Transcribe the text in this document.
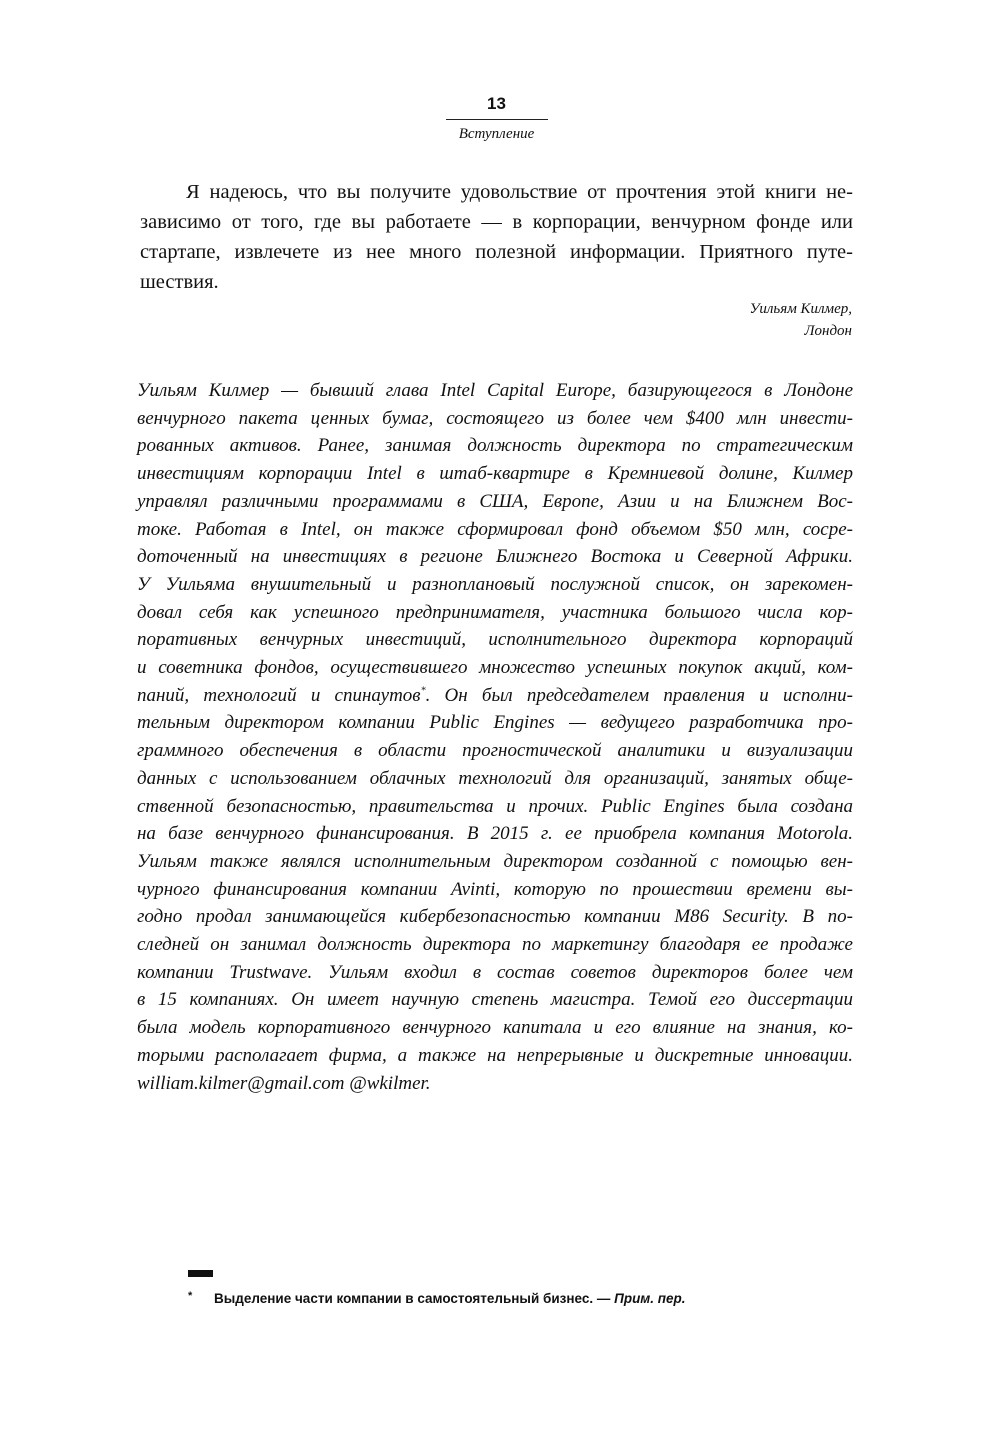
13
Вступление

Я надеюсь, что вы получите удовольствие от прочтения этой книги не-
зависимо от того, где вы работаете — в корпорации, венчурном фонде или
стартапе, извлечете из нее много полезной информации. Приятного путе-
шествия.

Уильям Килмер,
Лондон

Уильям Килмер — бывший глава Intel Capital Europe, базирующегося в Лондоне
венчурного пакета ценных бумаг, состоящего из более чем $400 млн инвести-
рованных активов. Ранее, занимая должность директора по стратегическим
инвестициям корпорации Intel в штаб-квартире в Кремниевой долине, Килмер
управлял различными программами в США, Европе, Азии и на Ближнем Вос-
токе. Работая в Intel, он также сформировал фонд объемом $50 млн, сосре-
доточенный на инвестициях в регионе Ближнего Востока и Северной Африки.
У Уильяма внушительный и разноплановый послужной список, он зарекомен-
довал себя как успешного предпринимателя, участника большого числа кор-
поративных венчурных инвестиций, исполнительного директора корпораций
и советника фондов, осуществившего множество успешных покупок акций, ком-
паний, технологий и спинаутов*. Он был председателем правления и исполни-
тельным директором компании Public Engines — ведущего разработчика про-
граммного обеспечения в области прогностической аналитики и визуализации
данных с использованием облачных технологий для организаций, занятых обще-
ственной безопасностью, правительства и прочих. Public Engines была создана
на базе венчурного финансирования. В 2015 г. ее приобрела компания Motorola.
Уильям также являлся исполнительным директором созданной с помощью вен-
чурного финансирования компании Avinti, которую по прошествии времени вы-
годно продал занимающейся кибербезопасностью компании M86 Security. В по-
следней он занимал должность директора по маркетингу благодаря ее продаже
компании Trustwave. Уильям входил в состав советов директоров более чем
в 15 компаниях. Он имеет научную степень магистра. Темой его диссертации
была модель корпоративного венчурного капитала и его влияние на знания, ко-
торыми располагает фирма, а также на непрерывные и дискретные инновации.
william.kilmer@gmail.com @wkilmer.

* Выделение части компании в самостоятельный бизнес. — Прим. пер.
